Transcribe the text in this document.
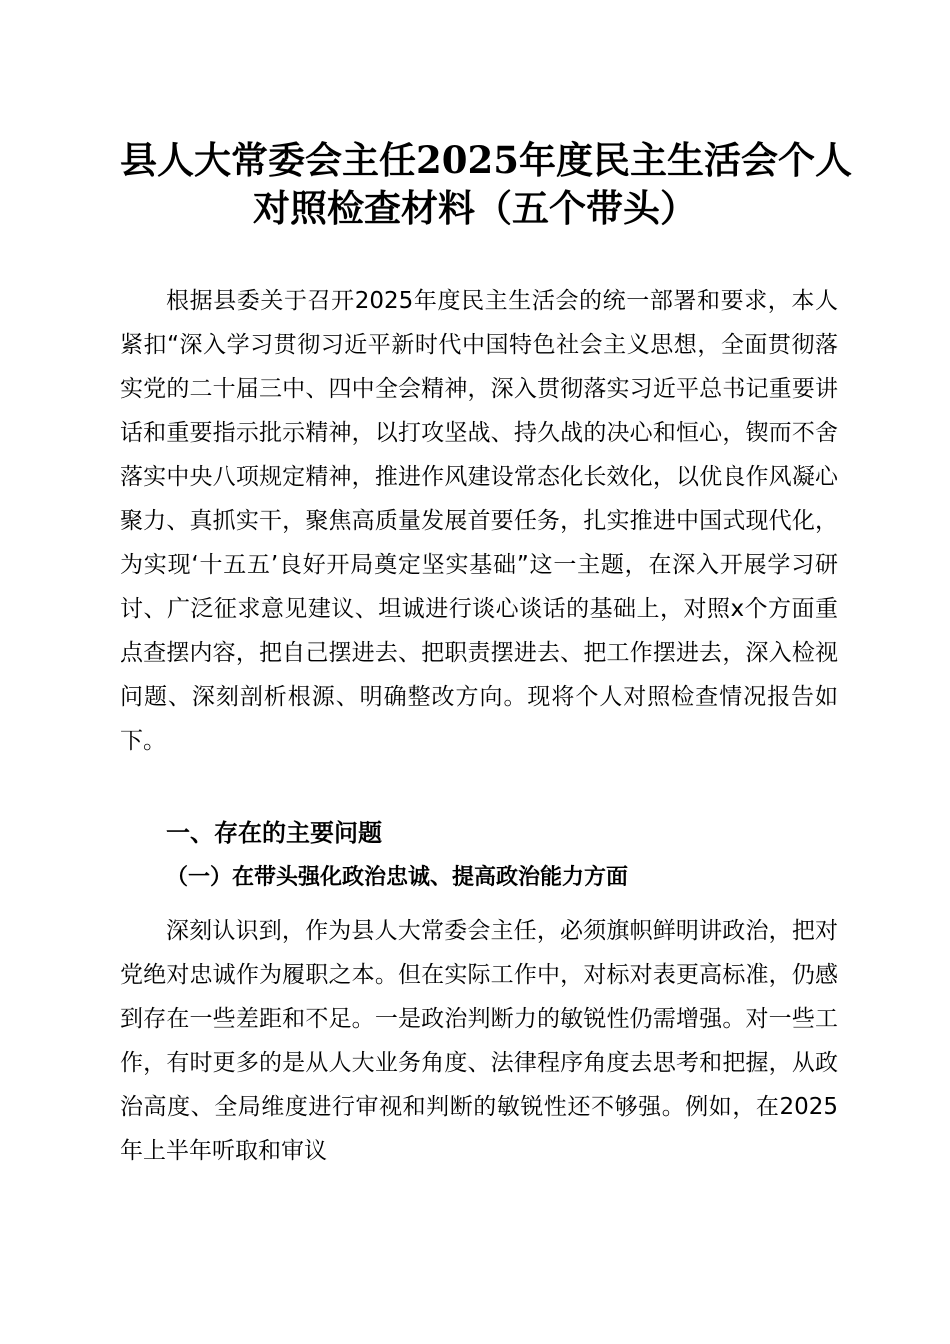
县人大常委会主任2025年度民主生活会个人
对照检查材料（五个带头）
根据县委关于召开2025年度民主生活会的统一部署和要求，本人紧扣“深入学习贯彻习近平新时代中国特色社会主义思想，全面贯彻落实党的二十届三中、四中全会精神，深入贯彻落实习近平总书记重要讲话和重要指示批示精神，以打攻坚战、持久战的决心和恒心，锲而不舍落实中央八项规定精神，推进作风建设常态化长效化，以优良作风凝心聚力、真抓实干，聚焦高质量发展首要任务，扎实推进中国式现代化，为实现‘十五五’良好开局奠定坚实基础”这一主题，在深入开展学习研讨、广泛征求意见建议、坦诚进行谈心谈话的基础上，对照x个方面重点查摆内容，把自己摆进去、把职责摆进去、把工作摆进去，深入检视问题、深刻剖析根源、明确整改方向。现将个人对照检查情况报告如下。
一、存在的主要问题
（一）在带头强化政治忠诚、提高政治能力方面
深刻认识到，作为县人大常委会主任，必须旗帜鲜明讲政治，把对党绝对忠诚作为履职之本。但在实际工作中，对标对表更高标准，仍感到存在一些差距和不足。一是政治判断力的敏锐性仍需增强。对一些工作，有时更多的是从人大业务角度、法律程序角度去思考和把握，从政治高度、全局维度进行审视和判断的敏锐性还不够强。例如，在2025年上半年听取和审议
